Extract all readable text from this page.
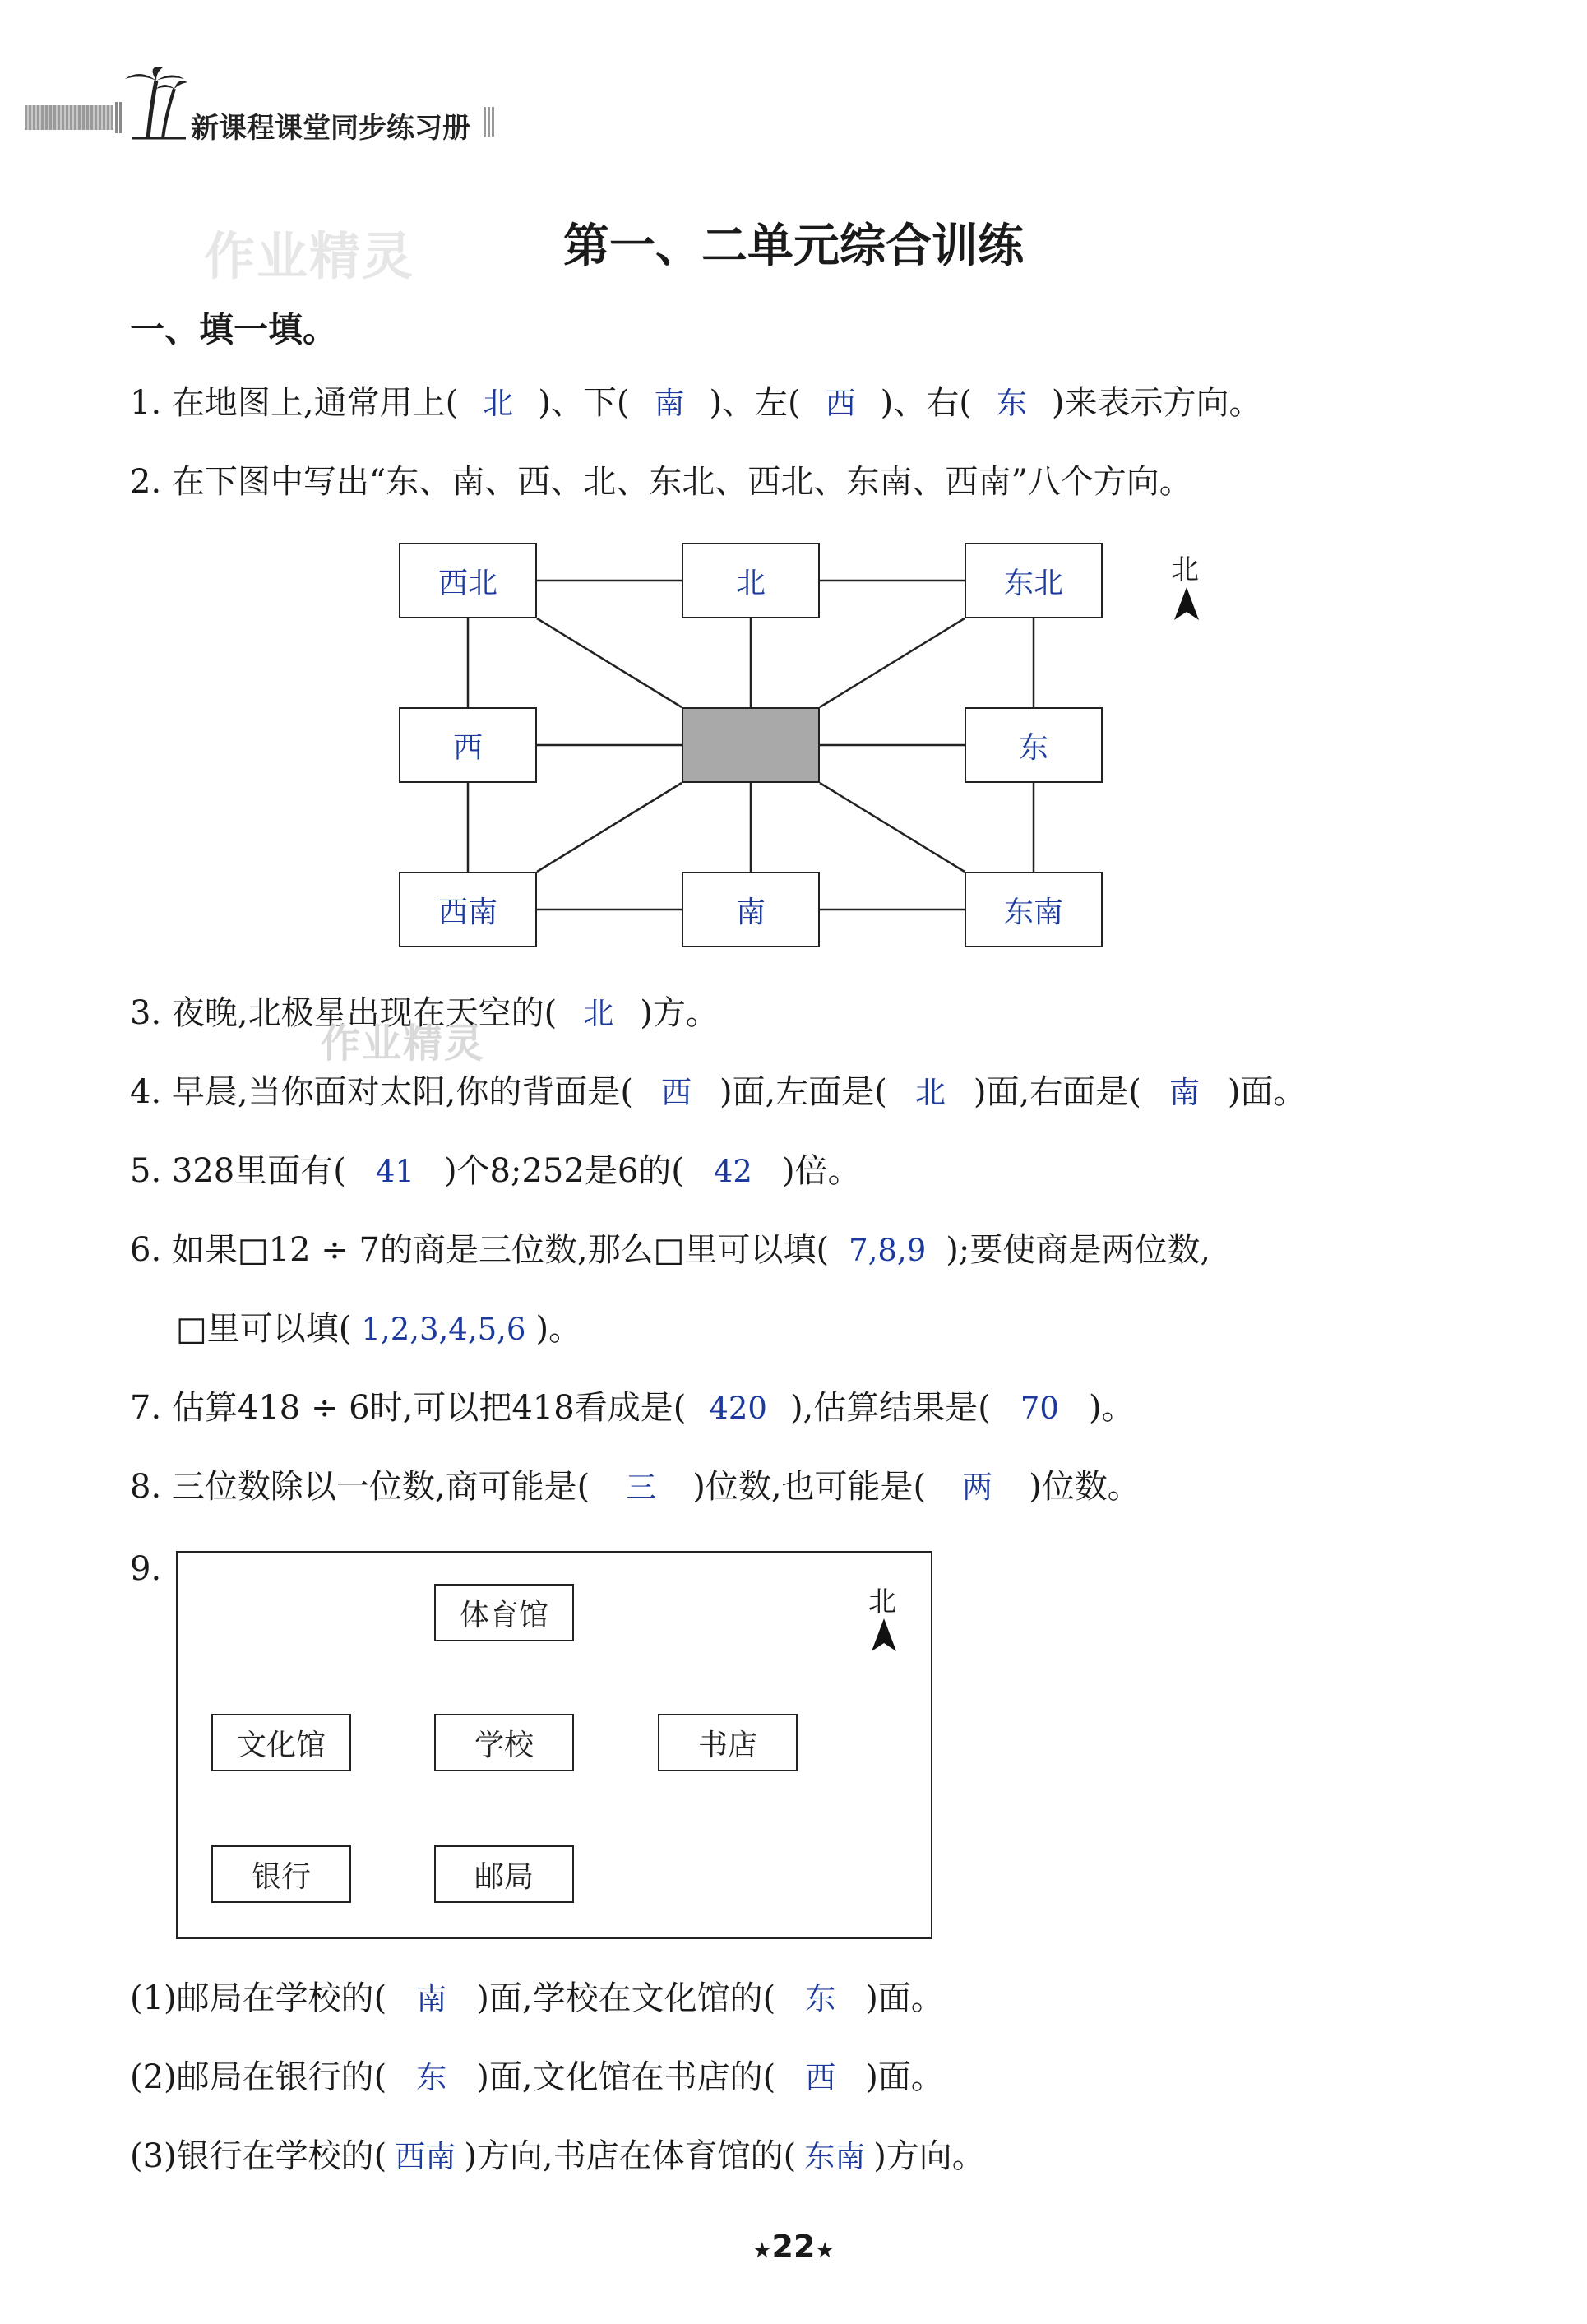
新课程课堂同步练习册
作业精灵	第一、二单元综合训练
一、填一填。
1. 在地图上,通常用上( 北 )、下( 南 )、左( 西 )、右( 东 )来表示方向。
2. 在下图中写出“东、南、西、北、东北、西北、东南、西南”八个方向。
西北	北	东北
西	东
西南	南	东南
北
3. 夜晚,北极星出现在天空的( 北 )方。
作业精灵
4. 早晨,当你面对太阳,你的背面是( 西 )面,左面是( 北 )面,右面是( 南 )面。
5. 328里面有( 41 )个8;252是6的( 42 )倍。
6. 如果□12 ÷ 7的商是三位数,那么□里可以填( 7,8,9 );要使商是两位数,
□里可以填( 1,2,3,4,5,6 )。
7. 估算418 ÷ 6时,可以把418看成是( 420 ),估算结果是( 70 )。
8. 三位数除以一位数,商可能是( 三 )位数,也可能是( 两 )位数。
9.
体育馆
文化馆	学校	书店
银行	邮局
北
(1)邮局在学校的( 南 )面,学校在文化馆的( 东 )面。
(2)邮局在银行的( 东 )面,文化馆在书店的( 西 )面。
(3)银行在学校的( 西南 )方向,书店在体育馆的( 东南 )方向。
★22★
